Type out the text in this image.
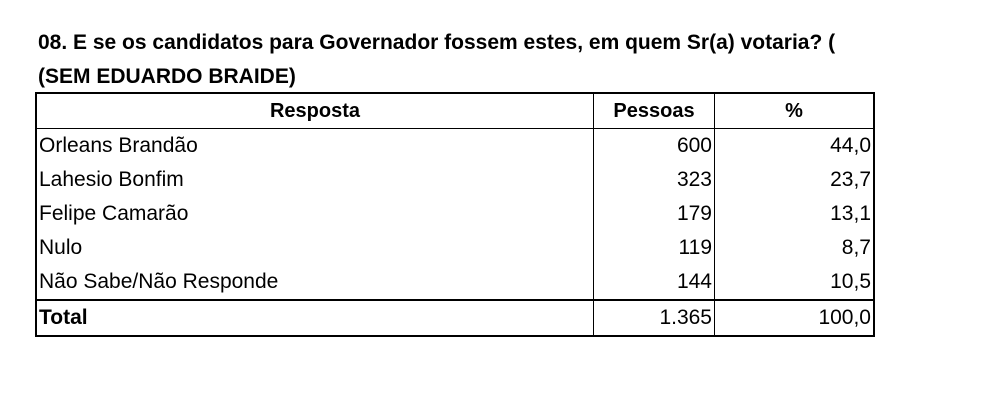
08. E se os candidatos para Governador fossem estes, em quem Sr(a) votaria? (
(SEM EDUARDO BRAIDE)
Resposta	Pessoas	%
Orleans Brandão	600	44,0
Lahesio Bonfim	323	23,7
Felipe Camarão	179	13,1
Nulo	119	8,7
Não Sabe/Não Responde	144	10,5
Total	1.365	100,0
